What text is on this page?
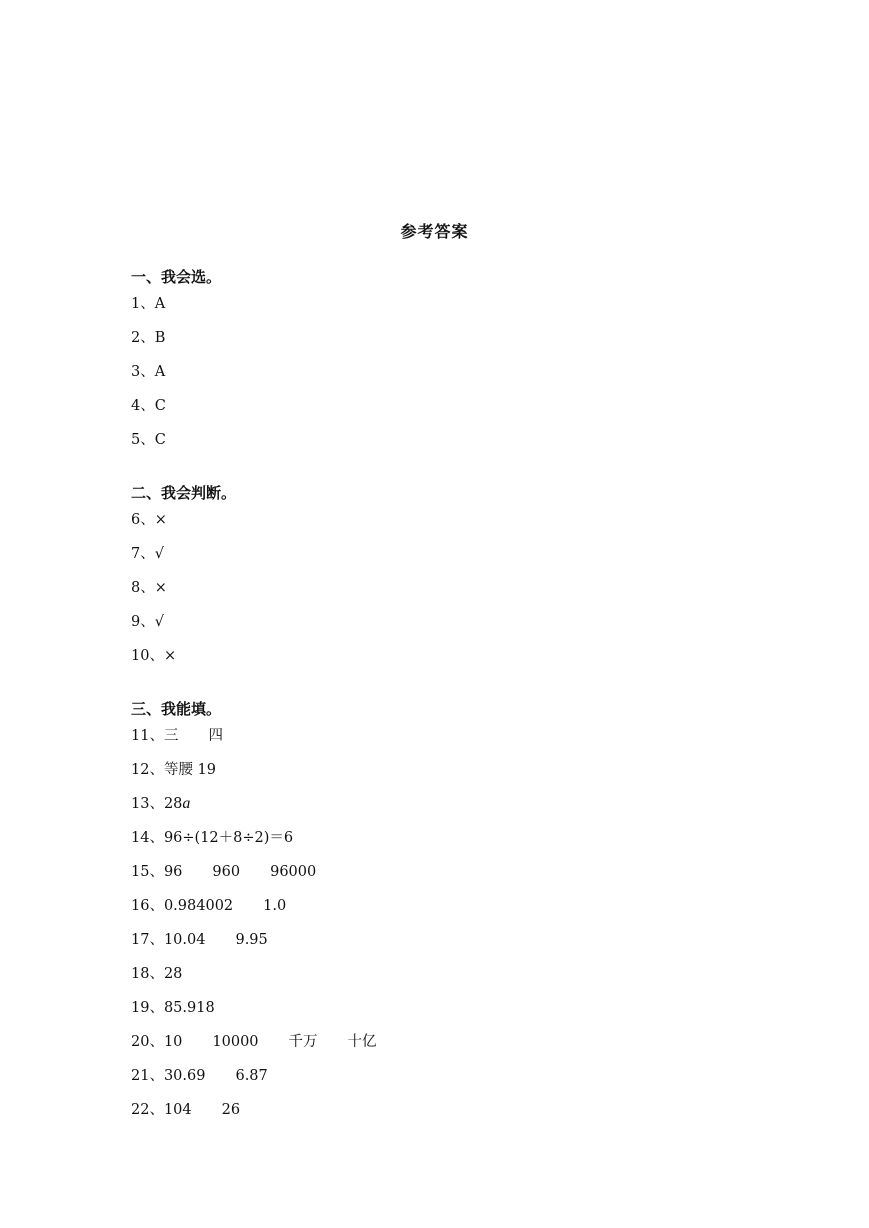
参考答案
一、我会选。
1、A
2、B
3、A
4、C
5、C
二、我会判断。
6、×
7、√
8、×
9、√
10、×
三、我能填。
11、三 四
12、等腰 19
13、28a
14、96÷(12＋8÷2)＝6
15、96 960 96000
16、0.984002 1.0
17、10.04 9.95
18、28
19、85.918
20、10 10000 千万 十亿
21、30.69 6.87
22、104 26
